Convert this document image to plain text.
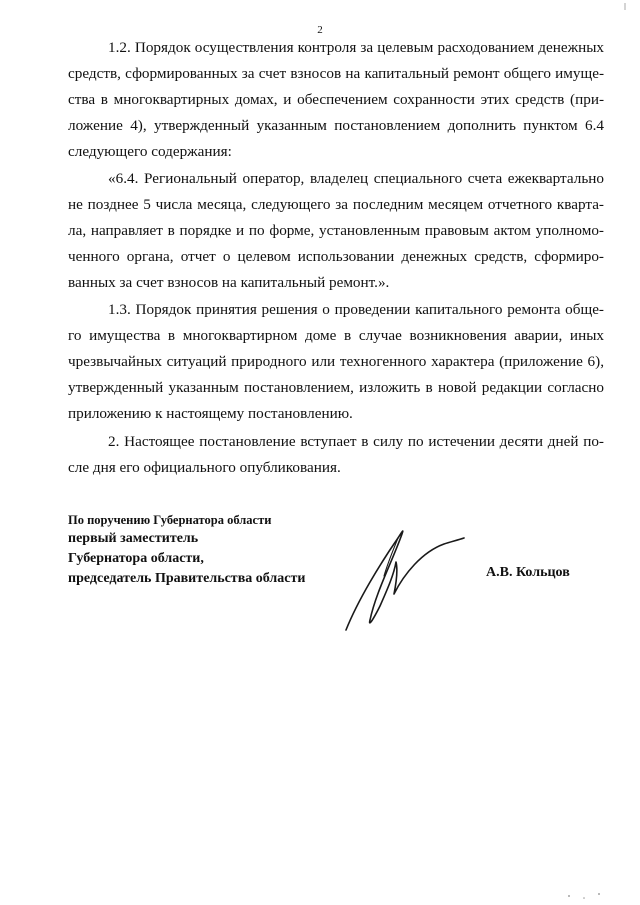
2

1.2. Порядок осуществления контроля за целевым расходованием денежных

средств, сформированных за счет взносов на капитальный ремонт общего имуще-

ства в многоквартирных домах, и обеспечением сохранности этих средств (при-

ложение 4), утвержденный указанным постановлением дополнить пунктом 6.4

следующего содержания:

«6.4. Региональный оператор, владелец специального счета ежеквартально

не позднее 5 числа месяца, следующего за последним месяцем отчетного кварта-

ла, направляет в порядке и по форме, установленным правовым актом уполномо-

ченного органа, отчет о целевом использовании денежных средств, сформиро-

ванных за счет взносов на капитальный ремонт.».

1.3. Порядок принятия решения о проведении капитального ремонта обще-

го имущества в многоквартирном доме в случае возникновения аварии, иных

чрезвычайных ситуаций природного или техногенного характера (приложение 6),

утвержденный указанным постановлением, изложить в новой редакции согласно

приложению к настоящему постановлению.

2. Настоящее постановление вступает в силу по истечении десяти дней по-

сле дня его официального опубликования.

По поручению Губернатора области
первый заместитель
Губернатора области,
председатель Правительства области	А.В. Кольцов
